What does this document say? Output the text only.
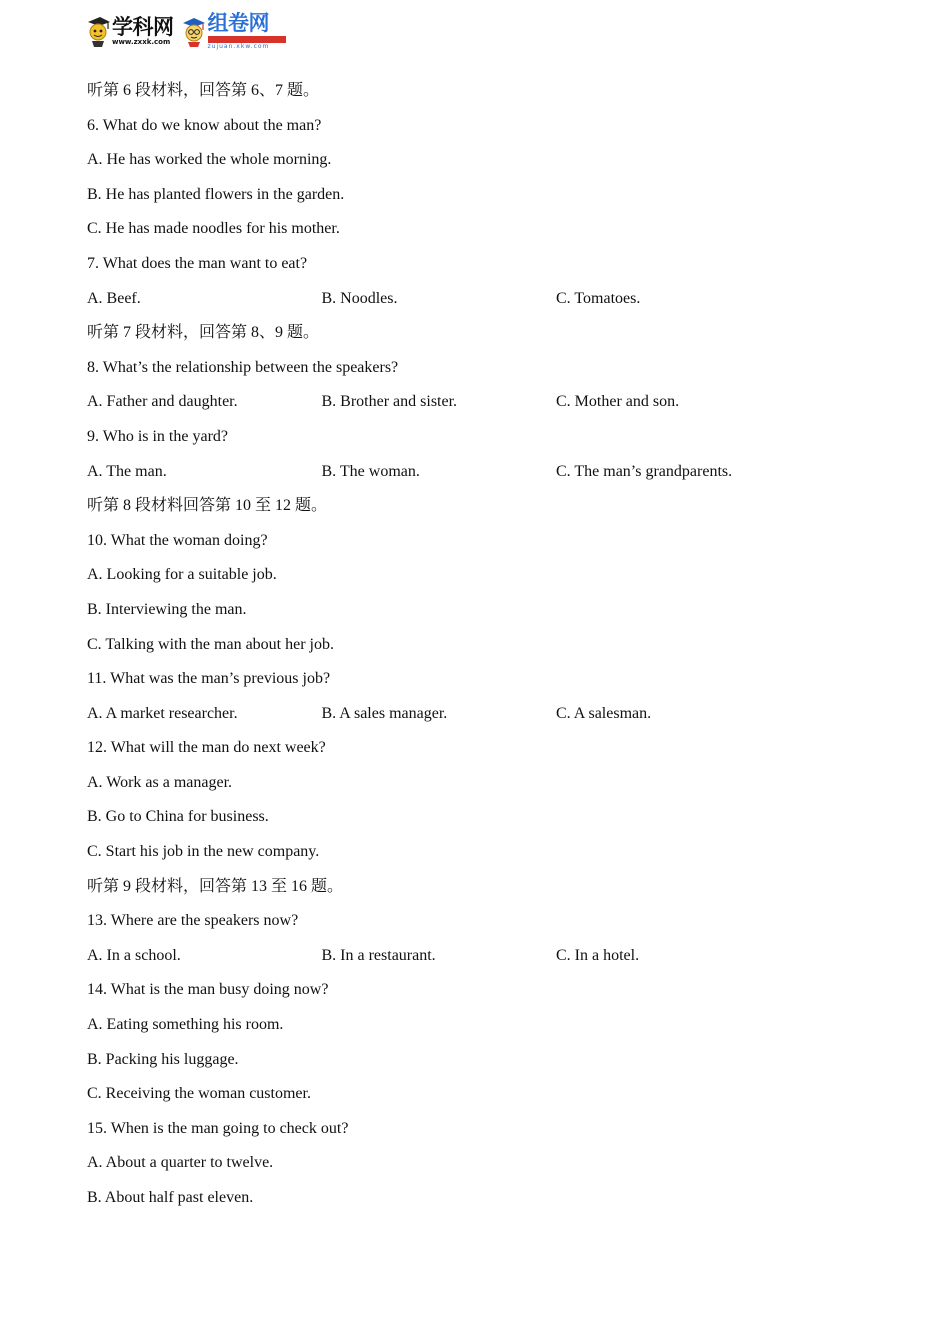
学科网
www.zxxk.com
组卷网
zujuan.xkw.com
听第 6 段材料，回答第 6、7 题。
6. What do we know about the man?
A. He has worked the whole morning.
B. He has planted flowers in the garden.
C. He has made noodles for his mother.
7. What does the man want to eat?
A. Beef.	B. Noodles.	C. Tomatoes.
听第 7 段材料，回答第 8、9 题。
8. What’s the relationship between the speakers?
A. Father and daughter.	B. Brother and sister.	C. Mother and son.
9. Who is in the yard?
A. The man.	B. The woman.	C. The man’s grandparents.
听第 8 段材料回答第 10 至 12 题。
10. What the woman doing?
A. Looking for a suitable job.
B. Interviewing the man.
C. Talking with the man about her job.
11. What was the man’s previous job?
A. A market researcher.	B. A sales manager.	C. A salesman.
12. What will the man do next week?
A. Work as a manager.
B. Go to China for business.
C. Start his job in the new company.
听第 9 段材料，回答第 13 至 16 题。
13. Where are the speakers now?
A. In a school.	B. In a restaurant.	C. In a hotel.
14. What is the man busy doing now?
A. Eating something his room.
B. Packing his luggage.
C. Receiving the woman customer.
15. When is the man going to check out?
A. About a quarter to twelve.
B. About half past eleven.
